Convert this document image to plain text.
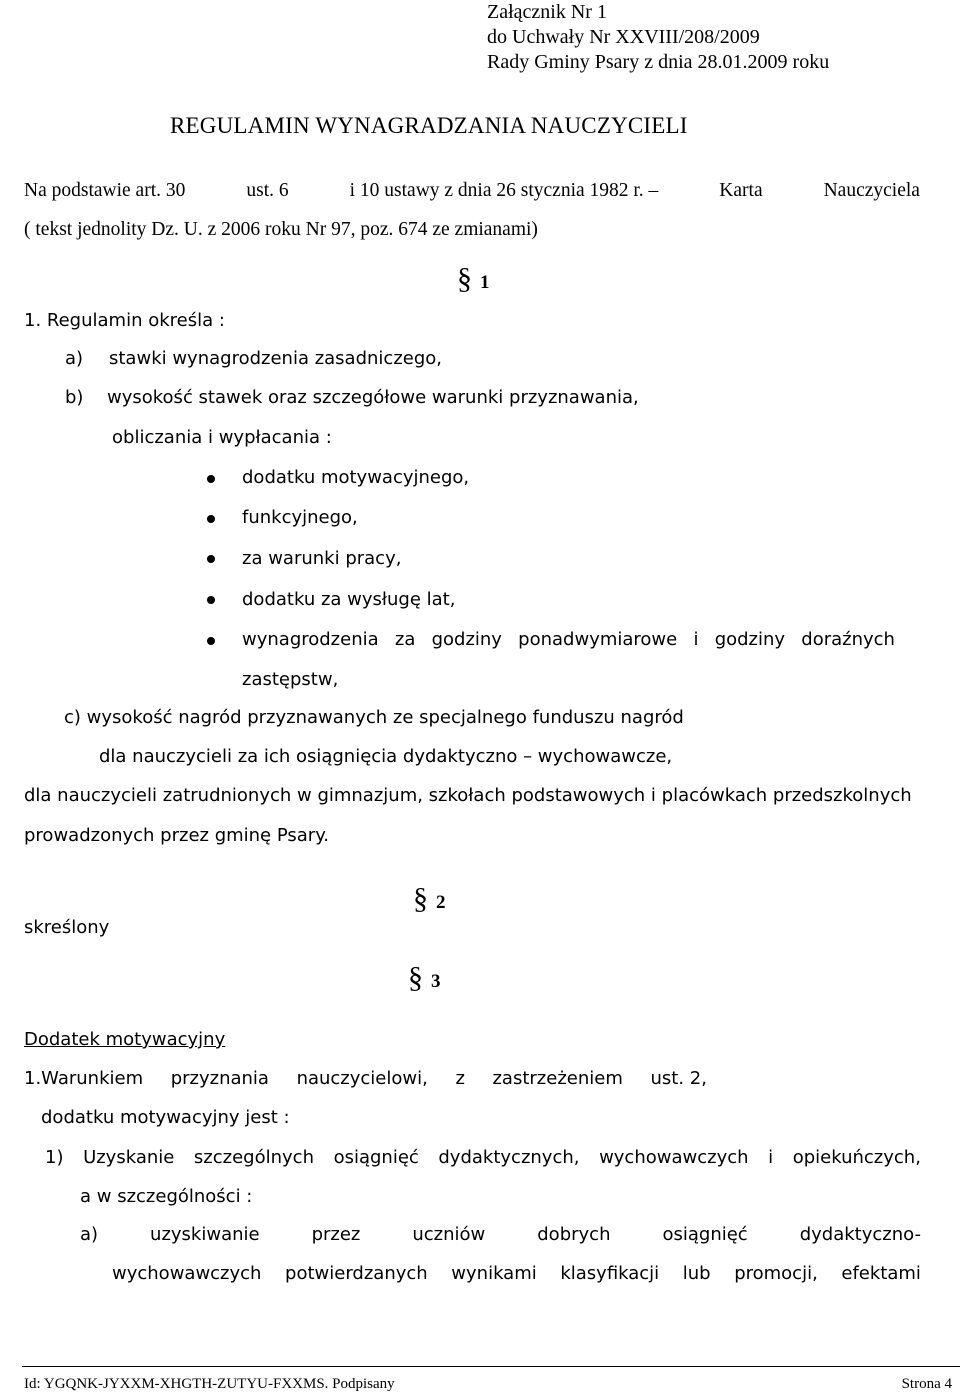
Załącznik Nr 1
do Uchwały Nr XXVIII/208/2009
Rady Gminy Psary z dnia 28.01.2009 roku
REGULAMIN WYNAGRADZANIA NAUCZYCIELI
Na podstawie art. 30	ust. 6	i 10 ustawy z dnia 26 stycznia 1982 r. –	Karta	Nauczyciela
( tekst jednolity Dz. U. z 2006 roku Nr 97, poz. 674 ze zmianami)
§ 1
1. Regulamin określa :
a) stawki wynagrodzenia zasadniczego,
b) wysokość stawek oraz szczegółowe warunki przyznawania,
obliczania i wypłacania :
dodatku motywacyjnego,
funkcyjnego,
za warunki pracy,
dodatku za wysługę lat,
wynagrodzenia za godziny ponadwymiarowe i godziny doraźnych
zastępstw,
c) wysokość nagród przyznawanych ze specjalnego funduszu nagród
dla nauczycieli za ich osiągnięcia dydaktyczno – wychowawcze,
dla nauczycieli zatrudnionych w gimnazjum, szkołach podstawowych i placówkach przedszkolnych
prowadzonych przez gminę Psary.
§ 2
skreślony
§ 3
Dodatek motywacyjny
1.Warunkiem przyznania nauczycielowi, z zastrzeżeniem ust. 2,
dodatku motywacyjny jest :
1) Uzyskanie szczególnych osiągnięć dydaktycznych, wychowawczych i opiekuńczych,
a w szczególności :
a)	uzyskiwanie	przez	uczniów	dobrych	osiągnięć	dydaktyczno-
wychowawczych potwierdzanych wynikami klasyfikacji lub promocji, efektami
Id: YGQNK-JYXXM-XHGTH-ZUTYU-FXXMS. Podpisany	Strona 4
